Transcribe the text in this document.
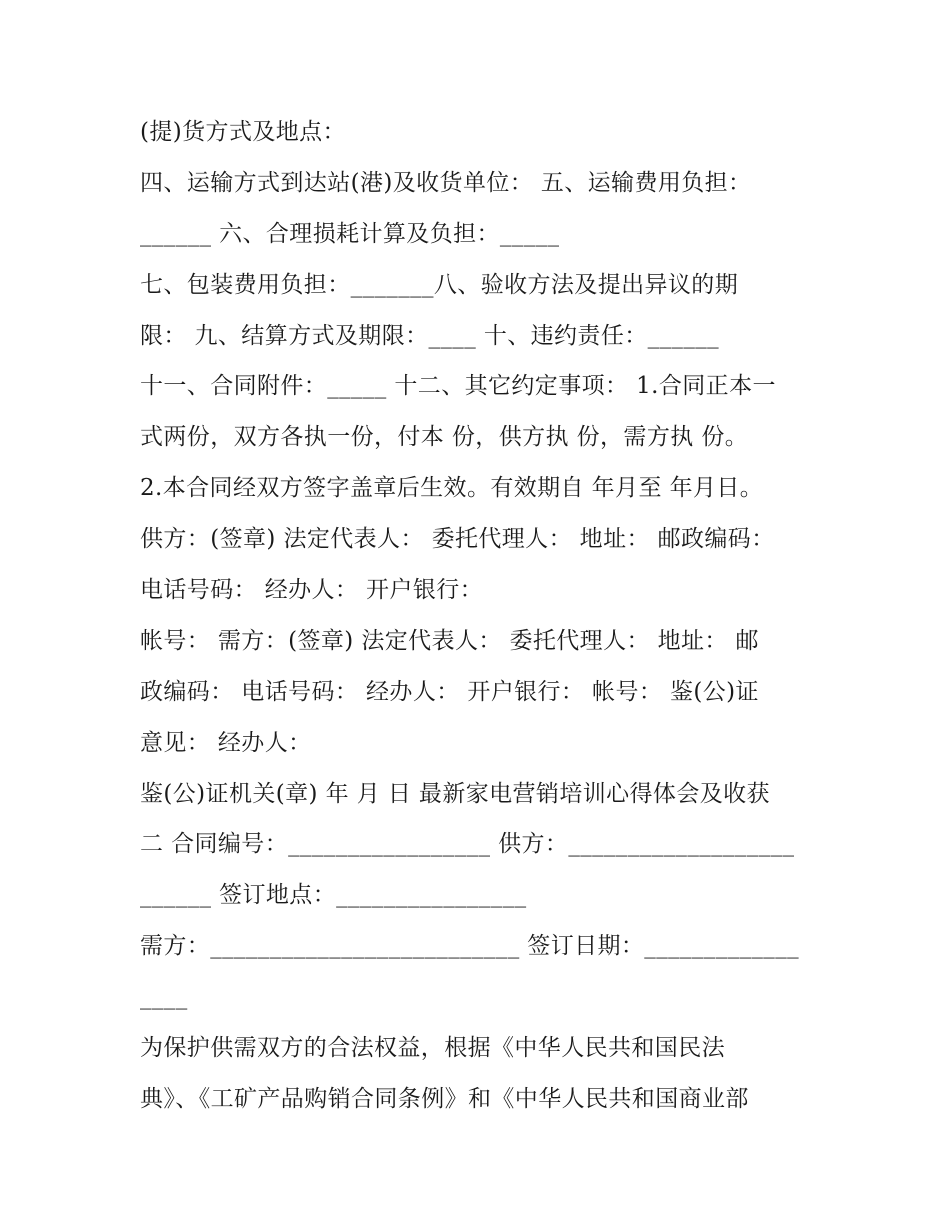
(提)货方式及地点：
四、运输方式到达站(港)及收货单位： 五、运输费用负担：
______ 六、合理损耗计算及负担：_____
七、包装费用负担：_______八、验收方法及提出异议的期
限： 九、结算方式及期限：____ 十、违约责任：______
十一、合同附件：_____ 十二、其它约定事项： 1.合同正本一
式两份，双方各执一份，付本 份，供方执 份，需方执 份。
2.本合同经双方签字盖章后生效。有效期自 年月至 年月日。
供方：(签章) 法定代表人： 委托代理人： 地址： 邮政编码：
电话号码： 经办人： 开户银行：
帐号： 需方：(签章) 法定代表人： 委托代理人： 地址： 邮
政编码： 电话号码： 经办人： 开户银行： 帐号： 鉴(公)证
意见： 经办人：
鉴(公)证机关(章) 年 月 日 最新家电营销培训心得体会及收获
二 合同编号：_________________ 供方：___________________
______ 签订地点：________________
需方：__________________________ 签订日期：_____________
____
为保护供需双方的合法权益，根据《中华人民共和国民法
典》、《工矿产品购销合同条例》和《中华人民共和国商业部
